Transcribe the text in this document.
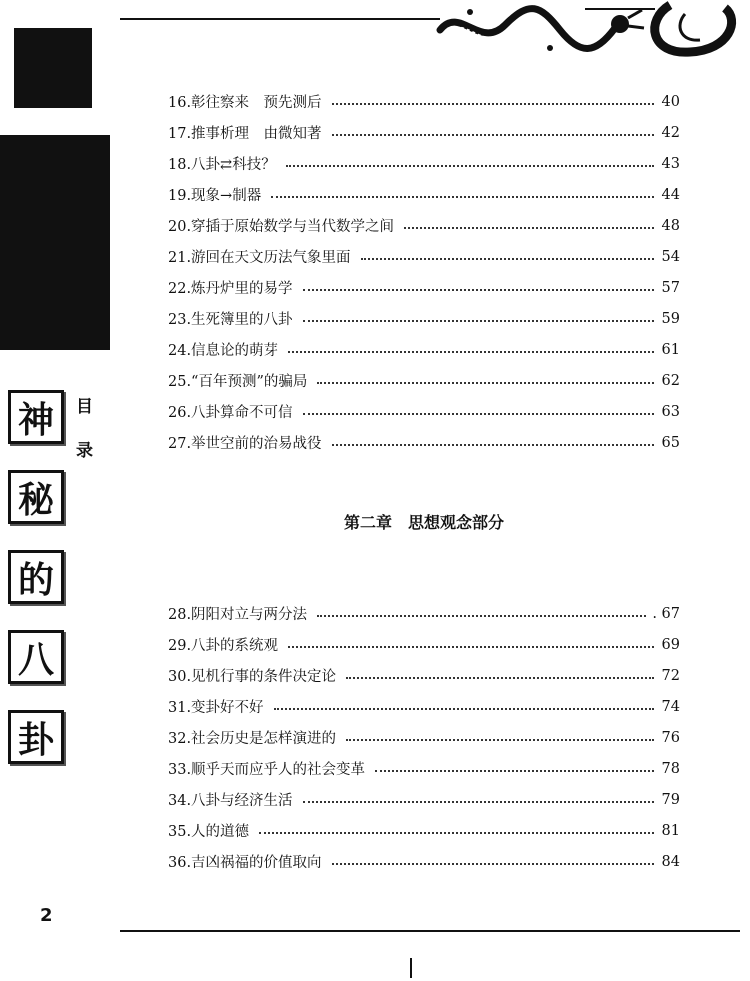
神
秘
的
八
卦
目
录
16.彰往察来　预先测后	40
17.推事析理　由微知著	42
18.八卦⇄科技？	43
19.现象→制器	44
20.穿插于原始数学与当代数学之间	48
21.游回在天文历法气象里面	54
22.炼丹炉里的易学	57
23.生死簿里的八卦	59
24.信息论的萌芽	61
25.“百年预测”的骗局	62
26.八卦算命不可信	63
27.举世空前的治易战役	65
第二章　思想观念部分
28.阴阳对立与两分法	. 67
29.八卦的系统观	69
30.见机行事的条件决定论	72
31.变卦好不好	74
32.社会历史是怎样演进的	76
33.顺乎天而应乎人的社会变革	78
34.八卦与经济生活	79
35.人的道德	81
36.吉凶祸福的价值取向	84
2
